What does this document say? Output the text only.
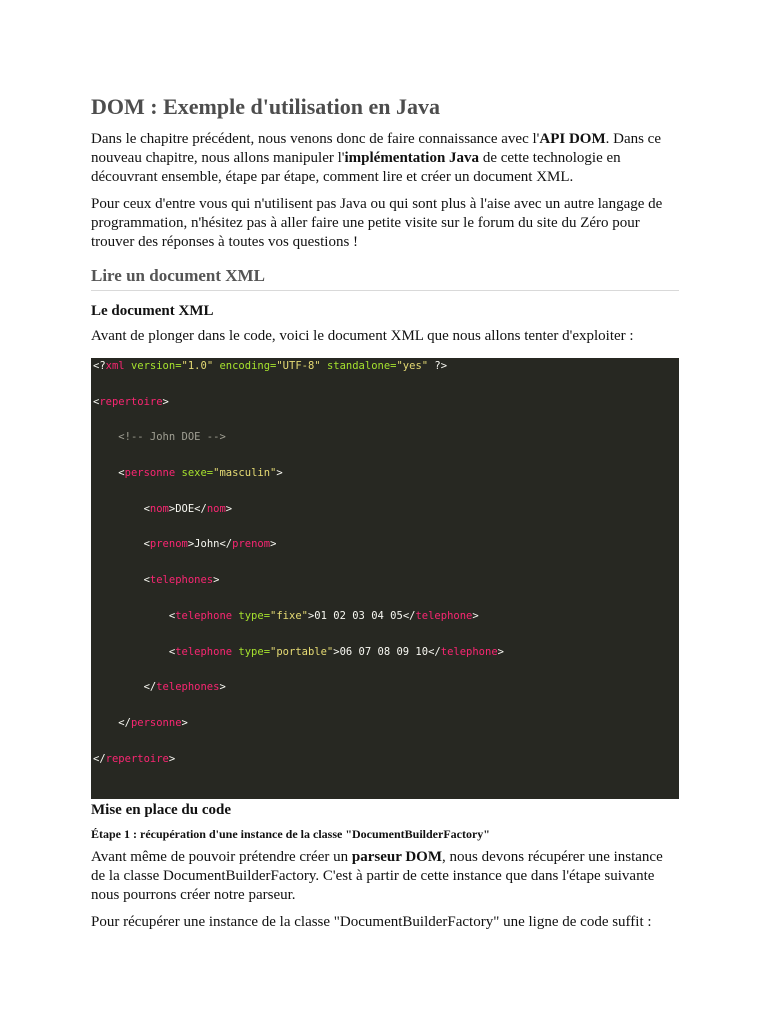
DOM : Exemple d'utilisation en Java

Dans le chapitre précédent, nous venons donc de faire connaissance avec l'API DOM. Dans ce nouveau chapitre, nous allons manipuler l'implémentation Java de cette technologie en découvrant ensemble, étape par étape, comment lire et créer un document XML.

Pour ceux d'entre vous qui n'utilisent pas Java ou qui sont plus à l'aise avec un autre langage de programmation, n'hésitez pas à aller faire une petite visite sur le forum du site du Zéro pour trouver des réponses à toutes vos questions !

Lire un document XML
Le document XML

Avant de plonger dans le code, voici le document XML que nous allons tenter d'exploiter :

<?xml version="1.0" encoding="UTF-8" standalone="yes" ?>
<repertoire>
<!-- John DOE -->
<personne sexe="masculin">
<nom>DOE</nom>
<prenom>John</prenom>
<telephones>
<telephone type="fixe">01 02 03 04 05</telephone>
<telephone type="portable">06 07 08 09 10</telephone>
</telephones>
</personne>
</repertoire>
Mise en place du code
Étape 1 : récupération d'une instance de la classe "DocumentBuilderFactory"

Avant même de pouvoir prétendre créer un parseur DOM, nous devons récupérer une instance de la classe DocumentBuilderFactory. C'est à partir de cette instance que dans l'étape suivante nous pourrons créer notre parseur.

Pour récupérer une instance de la classe "DocumentBuilderFactory" une ligne de code suffit :
